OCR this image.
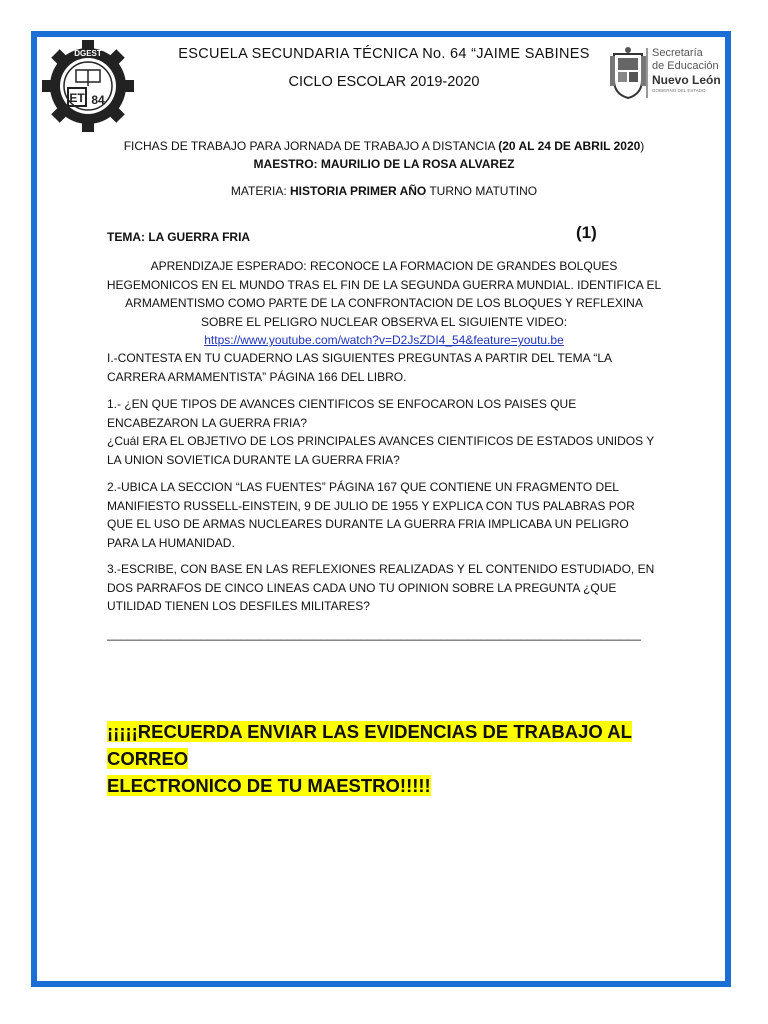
DGEST
ET 84
ESCUELA SECUNDARIA TÉCNICA No. 64 “JAIME SABINES
CICLO ESCOLAR 2019-2020
Secretaría
de Educación
Nuevo León
GOBIERNO DEL ESTADO
FICHAS DE TRABAJO PARA JORNADA DE TRABAJO A DISTANCIA (20 AL 24 DE ABRIL 2020)
MAESTRO: MAURILIO DE LA ROSA ALVAREZ
MATERIA: HISTORIA PRIMER AÑO TURNO MATUTINO
TEMA: LA GUERRA FRIA	(1)
APRENDIZAJE ESPERADO: RECONOCE LA FORMACION DE GRANDES BOLQUES HEGEMONICOS EN EL MUNDO TRAS EL FIN DE LA SEGUNDA GUERRA MUNDIAL. IDENTIFICA EL ARMAMENTISMO COMO PARTE DE LA CONFRONTACION DE LOS BLOQUES Y REFLEXINA SOBRE EL PELIGRO NUCLEAR OBSERVA EL SIGUIENTE VIDEO:
https://www.youtube.com/watch?v=D2JsZDI4_54&feature=youtu.be
I.-CONTESTA EN TU CUADERNO LAS SIGUIENTES PREGUNTAS A PARTIR DEL TEMA “LA CARRERA ARMAMENTISTA” PÁGINA 166 DEL LIBRO.
1.- ¿EN QUE TIPOS DE AVANCES CIENTIFICOS SE ENFOCARON LOS PAISES QUE ENCABEZARON LA GUERRA FRIA?
¿Cuál ERA EL OBJETIVO DE LOS PRINCIPALES AVANCES CIENTIFICOS DE ESTADOS UNIDOS Y LA UNION SOVIETICA DURANTE LA GUERRA FRIA?
2.-UBICA LA SECCION “LAS FUENTES” PÁGINA 167 QUE CONTIENE UN FRAGMENTO DEL MANIFIESTO RUSSELL-EINSTEIN, 9 DE JULIO DE 1955 Y EXPLICA CON TUS PALABRAS POR QUE EL USO DE ARMAS NUCLEARES DURANTE LA GUERRA FRIA IMPLICABA UN PELIGRO PARA LA HUMANIDAD.
3.-ESCRIBE, CON BASE EN LAS REFLEXIONES REALIZADAS Y EL CONTENIDO ESTUDIADO, EN DOS PARRAFOS DE CINCO LINEAS CADA UNO TU OPINION SOBRE LA PREGUNTA ¿QUE UTILIDAD TIENEN LOS DESFILES MILITARES?
________________________________________________________________________________
¡¡¡¡¡RECUERDA ENVIAR LAS EVIDENCIAS DE TRABAJO AL CORREO
ELECTRONICO DE TU MAESTRO!!!!!
